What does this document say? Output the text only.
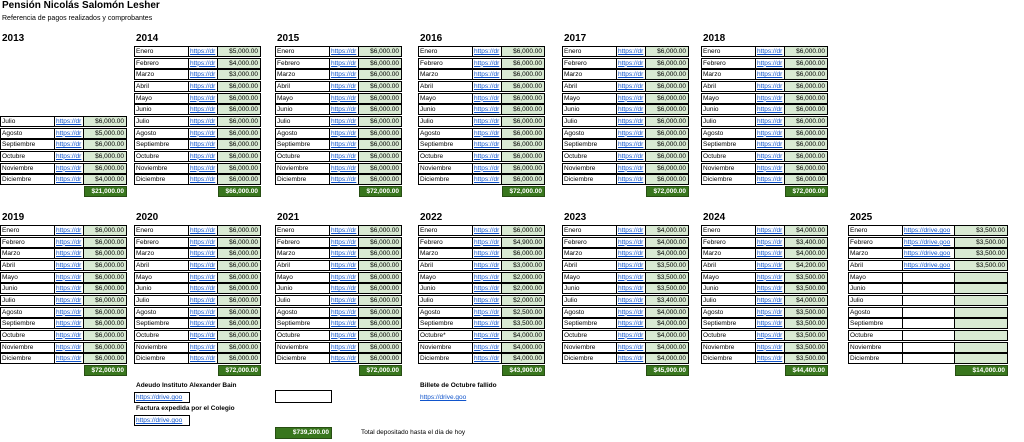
Pensión Nicolás Salomón Lesher
Referencia de pagos realizados y comprobantes
2013
Julio	https://dr	$6,000.00
Agosto	https://dr	$5,000.00
Septiembre	https://dr	$6,000.00
Octubre	https://dr	$6,000.00
Noviembre	https://dr	$6,000.00
Diciembre	https://dr	$4,000.00
$21,000.00
2014
Enero	https://dr	$5,000.00
Febrero	https://dr	$4,000.00
Marzo	https://dr	$3,000.00
Abril	https://dr	$6,000.00
Mayo	https://dr	$6,000.00
Junio	https://dr	$6,000.00
Julio	https://dr	$6,000.00
Agosto	https://dr	$6,000.00
Septiembre	https://dr	$6,000.00
Octubre	https://dr	$6,000.00
Noviembre	https://dr	$6,000.00
Diciembre	https://dr	$6,000.00
$66,000.00
2015
Enero	https://dr	$6,000.00
Febrero	https://dr	$6,000.00
Marzo	https://dr	$6,000.00
Abril	https://dr	$6,000.00
Mayo	https://dr	$6,000.00
Junio	https://dr	$6,000.00
Julio	https://dr	$6,000.00
Agosto	https://dr	$6,000.00
Septiembre	https://dr	$6,000.00
Octubre	https://dr	$6,000.00
Noviembre	https://dr	$6,000.00
Diciembre	https://dr	$6,000.00
$72,000.00
2016
Enero	https://dr	$6,000.00
Febrero	https://dr	$6,000.00
Marzo	https://dr	$6,000.00
Abril	https://dr	$6,000.00
Mayo	https://dr	$6,000.00
Junio	https://dr	$6,000.00
Julio	https://dr	$6,000.00
Agosto	https://dr	$6,000.00
Septiembre	https://dr	$6,000.00
Octubre	https://dr	$6,000.00
Noviembre	https://dr	$6,000.00
Diciembre	https://dr	$6,000.00
$72,000.00
2017
Enero	https://dr	$6,000.00
Febrero	https://dr	$6,000.00
Marzo	https://dr	$6,000.00
Abril	https://dr	$6,000.00
Mayo	https://dr	$6,000.00
Junio	https://dr	$6,000.00
Julio	https://dr	$6,000.00
Agosto	https://dr	$6,000.00
Septiembre	https://dr	$6,000.00
Octubre	https://dr	$6,000.00
Noviembre	https://dr	$6,000.00
Diciembre	https://dr	$6,000.00
$72,000.00
2018
Enero	https://dr	$6,000.00
Febrero	https://dr	$6,000.00
Marzo	https://dr	$6,000.00
Abril	https://dr	$6,000.00
Mayo	https://dr	$6,000.00
Junio	https://dr	$6,000.00
Julio	https://dr	$6,000.00
Agosto	https://dr	$6,000.00
Septiembre	https://dr	$6,000.00
Octubre	https://dr	$6,000.00
Noviembre	https://dr	$6,000.00
Diciembre	https://dr	$6,000.00
$72,000.00
2019
Enero	https://dr	$6,000.00
Febrero	https://dr	$6,000.00
Marzo	https://dr	$6,000.00
Abril	https://dr	$6,000.00
Mayo	https://dr	$6,000.00
Junio	https://dr	$6,000.00
Julio	https://dr	$6,000.00
Agosto	https://dr	$6,000.00
Septiembre	https://dr	$6,000.00
Octubre	https://dr	$6,000.00
Noviembre	https://dr	$6,000.00
Diciembre	https://dr	$6,000.00
$72,000.00
2020
Enero	https://dr	$6,000.00
Febrero	https://dr	$6,000.00
Marzo	https://dr	$6,000.00
Abril	https://dr	$6,000.00
Mayo	https://dr	$6,000.00
Junio	https://dr	$6,000.00
Julio	https://dr	$6,000.00
Agosto	https://dr	$6,000.00
Septiembre	https://dr	$6,000.00
Octubre	https://dr	$6,000.00
Noviembre	https://dr	$6,000.00
Diciembre	https://dr	$6,000.00
$72,000.00
2021
Enero	https://dr	$6,000.00
Febrero	https://dr	$6,000.00
Marzo	https://dr	$6,000.00
Abril	https://dr	$6,000.00
Mayo	https://dr	$6,000.00
Junio	https://dr	$6,000.00
Julio	https://dr	$6,000.00
Agosto	https://dr	$6,000.00
Septiembre	https://dr	$6,000.00
Octubre	https://dr	$6,000.00
Noviembre	https://dr	$6,000.00
Diciembre	https://dr	$6,000.00
$72,000.00
2022
Enero	https://dr	$6,000.00
Febrero	https://dr	$4,900.00
Marzo	https://dr	$6,000.00
Abril	https://dr	$3,000.00
Mayo	https://dr	$2,000.00
Junio	https://dr	$2,000.00
Julio	https://dr	$2,000.00
Agosto	https://dr	$2,500.00
Septiembre	https://dr	$3,500.00
Octubre*	https://dr	$4,000.00
Noviembre	https://dr	$4,000.00
Diciembre	https://dr	$4,000.00
$43,900.00
2023
Enero	https://dr	$4,000.00
Febrero	https://dr	$4,000.00
Marzo	https://dr	$4,000.00
Abril	https://dr	$3,500.00
Mayo	https://dr	$3,500.00
Junio	https://dr	$3,500.00
Julio	https://dr	$3,400.00
Agosto	https://dr	$4,000.00
Septiembre	https://dr	$4,000.00
Octubre	https://dr	$4,000.00
Noviembre	https://dr	$4,000.00
Diciembre	https://dr	$4,000.00
$45,900.00
2024
Enero	https://dr	$4,000.00
Febrero	https://dr	$3,400.00
Marzo	https://dr	$4,000.00
Abril	https://dr	$4,200.00
Mayo	https://dr	$3,500.00
Junio	https://dr	$3,500.00
Julio	https://dr	$4,000.00
Agosto	https://dr	$3,500.00
Septiembre	https://dr	$3,500.00
Octubre	https://dr	$3,500.00
Noviembre	https://dr	$3,500.00
Diciembre	https://dr	$3,500.00
$44,400.00
2025
Enero	https://drive.goo	$3,500.00
Febrero	https://drive.goo	$3,500.00
Marzo	https://drive.goo	$3,500.00
Abril	https://drive.goo	$3,500.00
Mayo
Junio
Julio
Agosto
Septiembre
Octubre
Noviembre
Diciembre
$14,000.00
Adeudo Instituto Alexander Bain
https://drive.goo
Factura expedida por el Colegio
https://drive.goo
Billete de Octubre fallido
https://drive.goo
$739,200.00	Total depositado hasta el día de hoy
